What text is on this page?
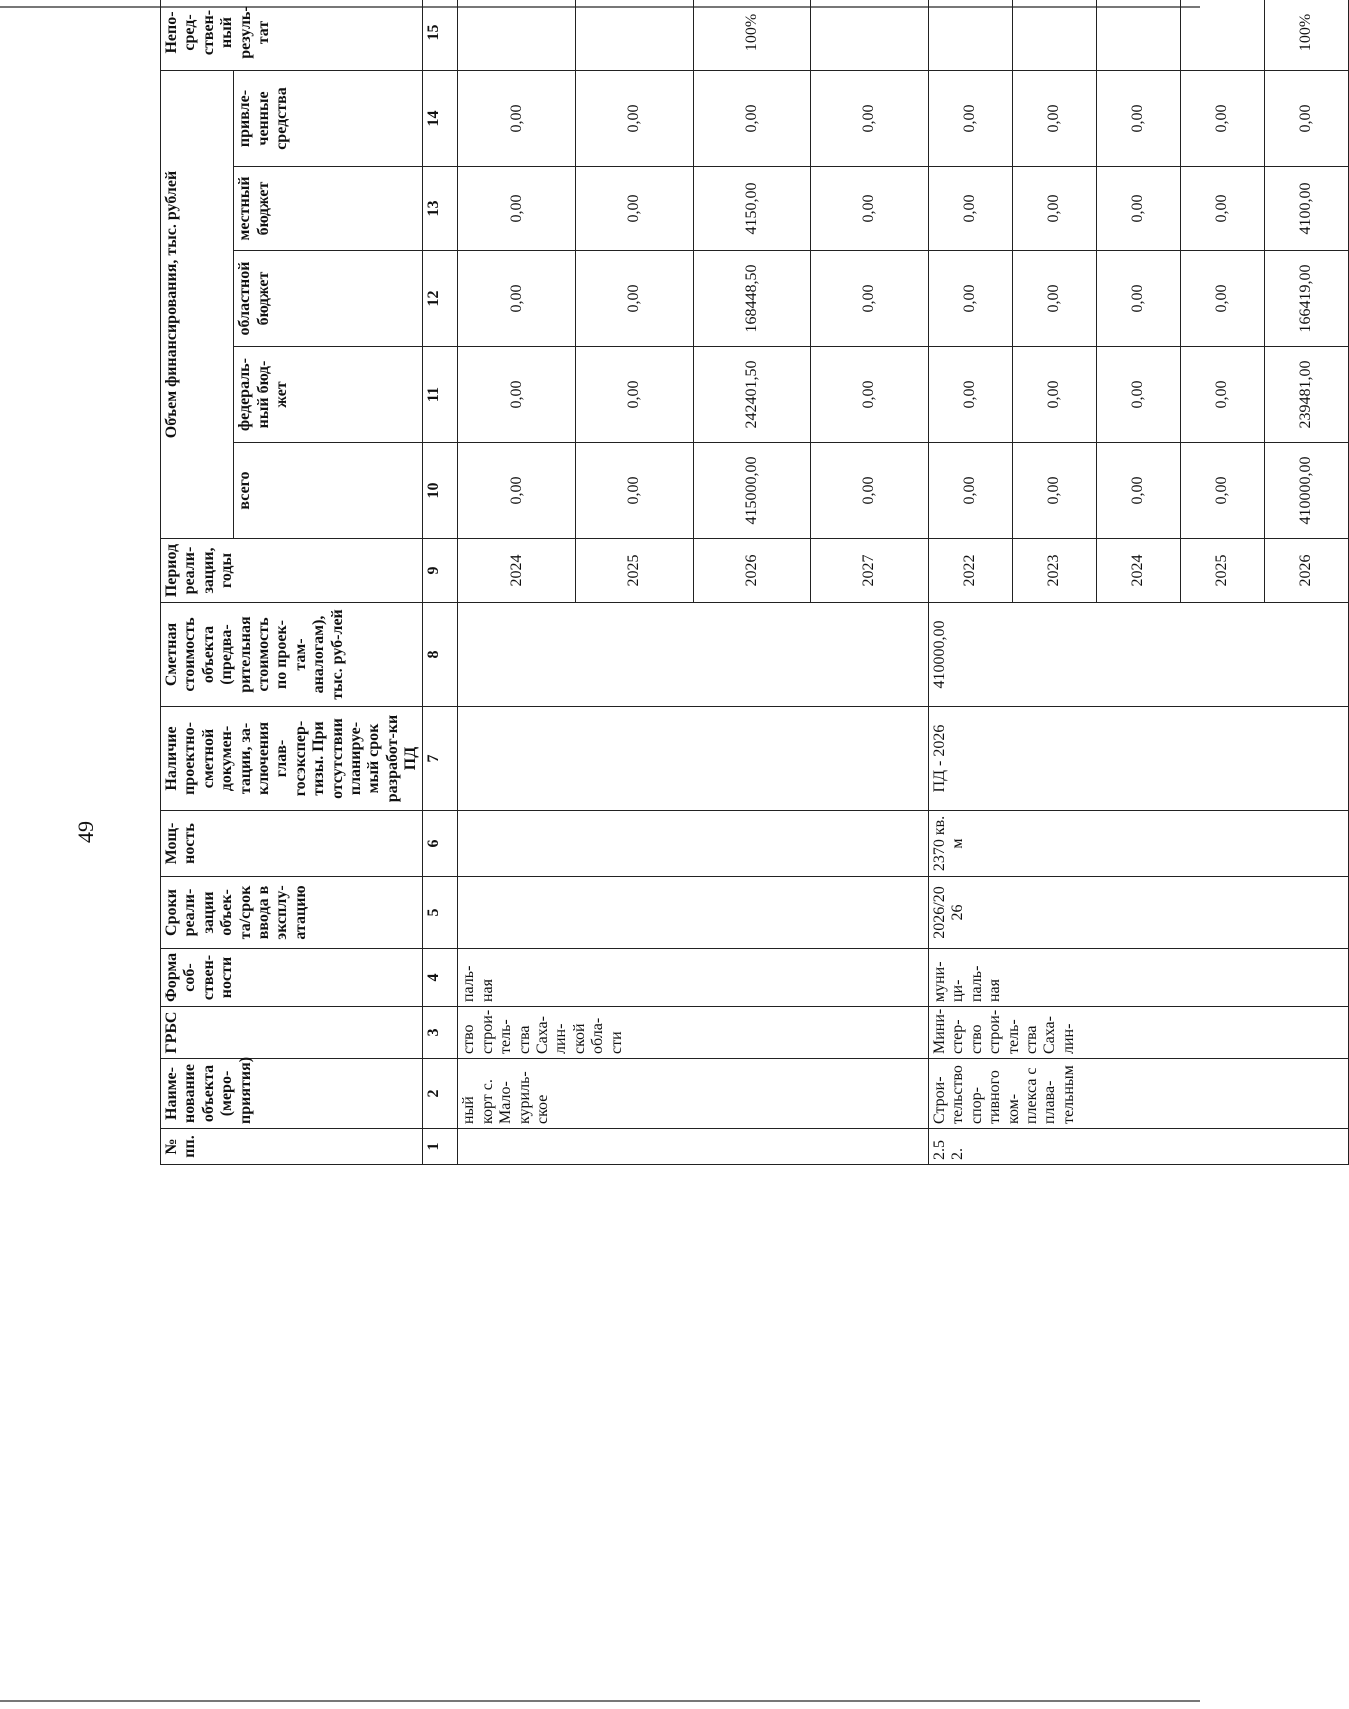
49
№ пп.	Наиме-нование объекта (меро-приятия)	ГРБС	Форма соб-ствен-ности	Сроки реали-зации объек-та/срок ввода в эксплу-атацию	Мощ-ность	Наличие проектно-сметной докумен-тации, за-ключения глав-госэкспер-тизы. При отсутствии планируе-мый срок разработ-ки ПД	Сметная стоимость объекта (предва-рительная стоимость по проек-там-аналогам), тыс. руб-лей	Период реали-зации, годы	Объем финансирования, тыс. рублей					Непо-сред-ствен-ный резуль-тат
									всего	федераль-ный бюд-жет	областной бюджет	местный бюджет	привле-ченные средства	
1	2	3	4	5	6	7	8	9	10	11	12	13	14	15
	ный корт с. Мало-куриль-ское	ство строи-тель-ства Саха-лин-ской обла-сти	паль-ная					2024	0,00	0,00	0,00	0,00	0,00	
								2025	0,00	0,00	0,00	0,00	0,00	
								2026	415000,00	242401,50	168448,50	4150,00	0,00	100%
								2027	0,00	0,00	0,00	0,00	0,00	
2.5 2.	Строи-тельство спор-тивного ком-плекса с плава-тельным	Мини-стер-ство строи-тель-ства Саха-лин-	муни-ци-паль-ная	2026/20 26	2370 кв. м	ПД - 2026	410000,00	2022	0,00	0,00	0,00	0,00	0,00	
								2023	0,00	0,00	0,00	0,00	0,00	
								2024	0,00	0,00	0,00	0,00	0,00	
								2025	0,00	0,00	0,00	0,00	0,00	
								2026	410000,00	239481,00	166419,00	4100,00	0,00	100%
